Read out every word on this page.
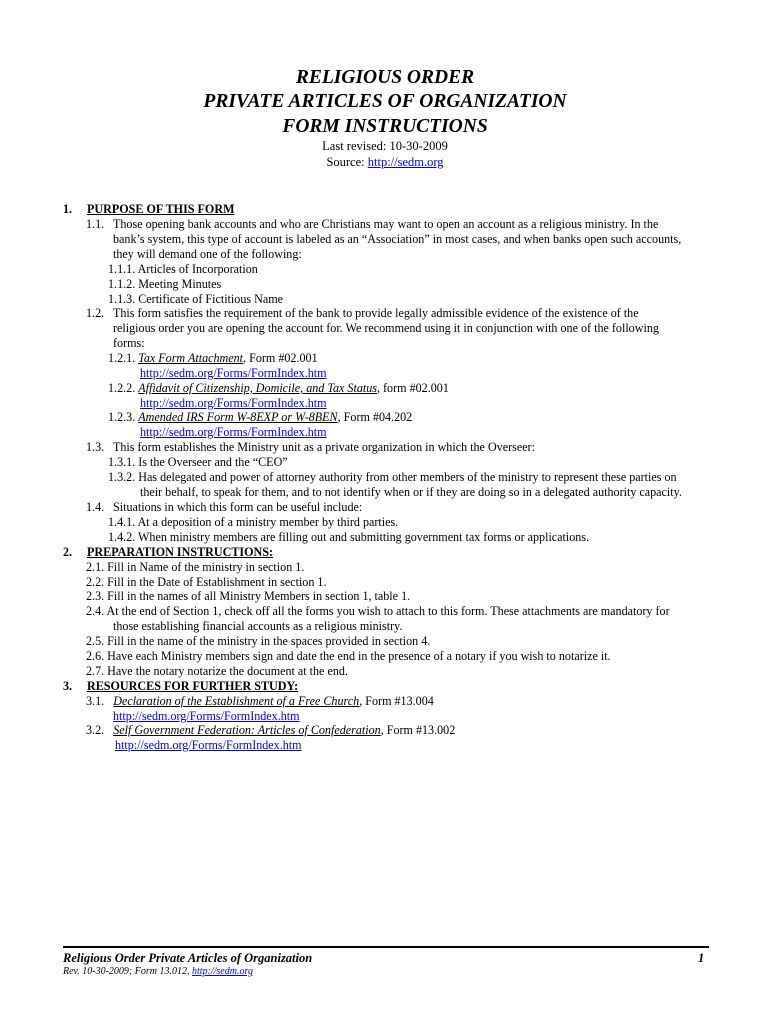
RELIGIOUS ORDER
PRIVATE ARTICLES OF ORGANIZATION
FORM INSTRUCTIONS
Last revised: 10-30-2009
Source: http://sedm.org
1. PURPOSE OF THIS FORM
1.1. Those opening bank accounts and who are Christians may want to open an account as a religious ministry. In the
bank’s system, this type of account is labeled as an “Association” in most cases, and when banks open such accounts,
they will demand one of the following:
1.1.1. Articles of Incorporation
1.1.2. Meeting Minutes
1.1.3. Certificate of Fictitious Name
1.2. This form satisfies the requirement of the bank to provide legally admissible evidence of the existence of the
religious order you are opening the account for. We recommend using it in conjunction with one of the following
forms:
1.2.1. Tax Form Attachment, Form #02.001
http://sedm.org/Forms/FormIndex.htm
1.2.2. Affidavit of Citizenship, Domicile, and Tax Status, form #02.001
http://sedm.org/Forms/FormIndex.htm
1.2.3. Amended IRS Form W-8EXP or W-8BEN, Form #04.202
http://sedm.org/Forms/FormIndex.htm
1.3. This form establishes the Ministry unit as a private organization in which the Overseer:
1.3.1. Is the Overseer and the “CEO”
1.3.2. Has delegated and power of attorney authority from other members of the ministry to represent these parties on
their behalf, to speak for them, and to not identify when or if they are doing so in a delegated authority capacity.
1.4. Situations in which this form can be useful include:
1.4.1. At a deposition of a ministry member by third parties.
1.4.2. When ministry members are filling out and submitting government tax forms or applications.
2. PREPARATION INSTRUCTIONS:
2.1. Fill in Name of the ministry in section 1.
2.2. Fill in the Date of Establishment in section 1.
2.3. Fill in the names of all Ministry Members in section 1, table 1.
2.4. At the end of Section 1, check off all the forms you wish to attach to this form. These attachments are mandatory for
those establishing financial accounts as a religious ministry.
2.5. Fill in the name of the ministry in the spaces provided in section 4.
2.6. Have each Ministry members sign and date the end in the presence of a notary if you wish to notarize it.
2.7. Have the notary notarize the document at the end.
3. RESOURCES FOR FURTHER STUDY:
3.1.   Declaration of the Establishment of a Free Church, Form #13.004
http://sedm.org/Forms/FormIndex.htm
3.2.   Self Government Federation: Articles of Confederation, Form #13.002
http://sedm.org/Forms/FormIndex.htm
Religious Order Private Articles of Organization	1
Rev. 10-30-2009; Form 13.012, http://sedm.org
